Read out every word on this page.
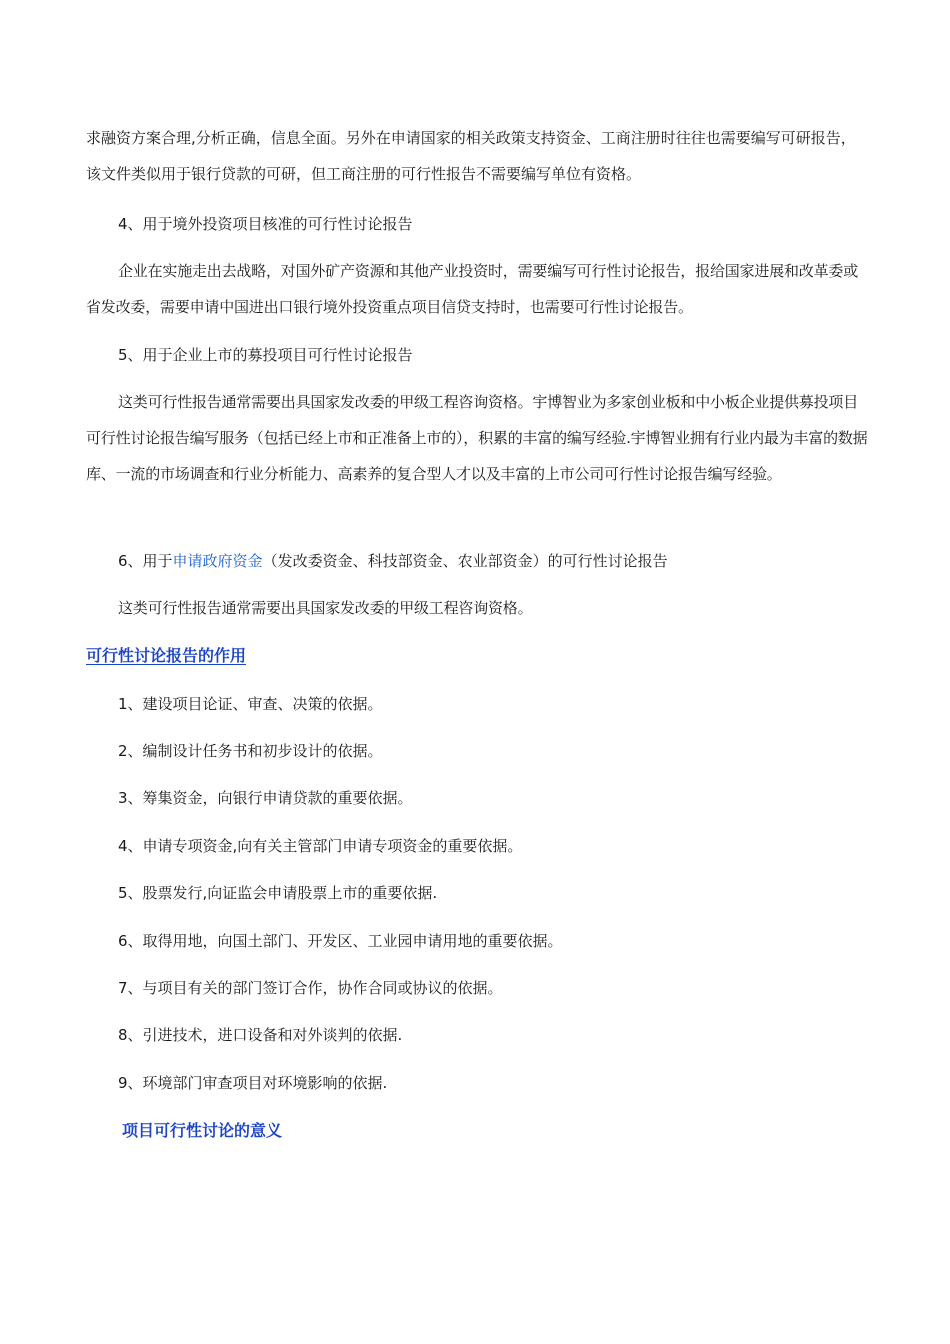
求融资方案合理,分析正确，信息全面。另外在申请国家的相关政策支持资金、工商注册时往往也需要编写可研报告，该文件类似用于银行贷款的可研，但工商注册的可行性报告不需要编写单位有资格。

4、用于境外投资项目核准的可行性讨论报告

企业在实施走出去战略，对国外矿产资源和其他产业投资时，需要编写可行性讨论报告，报给国家进展和改革委或省发改委，需要申请中国进出口银行境外投资重点项目信贷支持时，也需要可行性讨论报告。

5、用于企业上市的募投项目可行性讨论报告

这类可行性报告通常需要出具国家发改委的甲级工程咨询资格。宇博智业为多家创业板和中小板企业提供募投项目可行性讨论报告编写服务（包括已经上市和正准备上市的），积累的丰富的编写经验.宇博智业拥有行业内最为丰富的数据库、一流的市场调查和行业分析能力、高素养的复合型人才以及丰富的上市公司可行性讨论报告编写经验。

6、用于申请政府资金（发改委资金、科技部资金、农业部资金）的可行性讨论报告

这类可行性报告通常需要出具国家发改委的甲级工程咨询资格。

可行性讨论报告的作用

1、建设项目论证、审查、决策的依据。

2、编制设计任务书和初步设计的依据。

3、筹集资金，向银行申请贷款的重要依据。

4、申请专项资金,向有关主管部门申请专项资金的重要依据。

5、股票发行,向证监会申请股票上市的重要依据.

6、取得用地，向国土部门、开发区、工业园申请用地的重要依据。

7、与项目有关的部门签订合作，协作合同或协议的依据。

8、引进技术，进口设备和对外谈判的依据.

9、环境部门审查项目对环境影响的依据.

项目可行性讨论的意义
